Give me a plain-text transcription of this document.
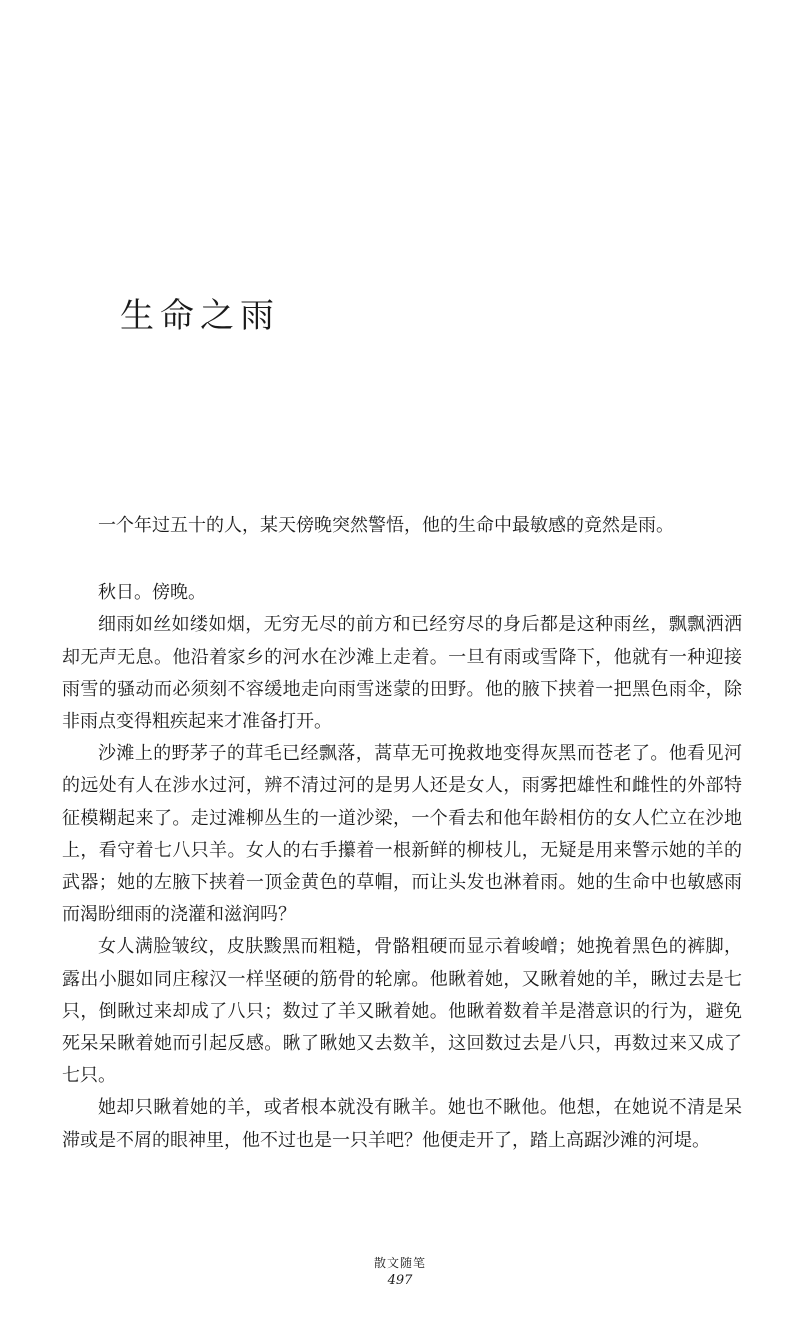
生命之雨

一个年过五十的人，某天傍晚突然警悟，他的生命中最敏感的竟然是雨。

秋日。傍晚。

细雨如丝如缕如烟，无穷无尽的前方和已经穷尽的身后都是这种雨丝，飘飘洒洒却无声无息。他沿着家乡的河水在沙滩上走着。一旦有雨或雪降下，他就有一种迎接雨雪的骚动而必须刻不容缓地走向雨雪迷蒙的田野。他的腋下挟着一把黑色雨伞，除非雨点变得粗疾起来才准备打开。

沙滩上的野茅子的茸毛已经飘落，蒿草无可挽救地变得灰黑而苍老了。他看见河的远处有人在涉水过河，辨不清过河的是男人还是女人，雨雾把雄性和雌性的外部特征模糊起来了。走过滩柳丛生的一道沙梁，一个看去和他年龄相仿的女人伫立在沙地上，看守着七八只羊。女人的右手攥着一根新鲜的柳枝儿，无疑是用来警示她的羊的武器；她的左腋下挟着一顶金黄色的草帽，而让头发也淋着雨。她的生命中也敏感雨而渴盼细雨的浇灌和滋润吗？

女人满脸皱纹，皮肤黢黑而粗糙，骨骼粗硬而显示着峻嶒；她挽着黑色的裤脚，露出小腿如同庄稼汉一样坚硬的筋骨的轮廓。他瞅着她，又瞅着她的羊，瞅过去是七只，倒瞅过来却成了八只；数过了羊又瞅着她。他瞅着数着羊是潜意识的行为，避免死呆呆瞅着她而引起反感。瞅了瞅她又去数羊，这回数过去是八只，再数过来又成了七只。

她却只瞅着她的羊，或者根本就没有瞅羊。她也不瞅他。他想，在她说不清是呆滞或是不屑的眼神里，他不过也是一只羊吧？他便走开了，踏上高踞沙滩的河堤。

散文随笔
497
